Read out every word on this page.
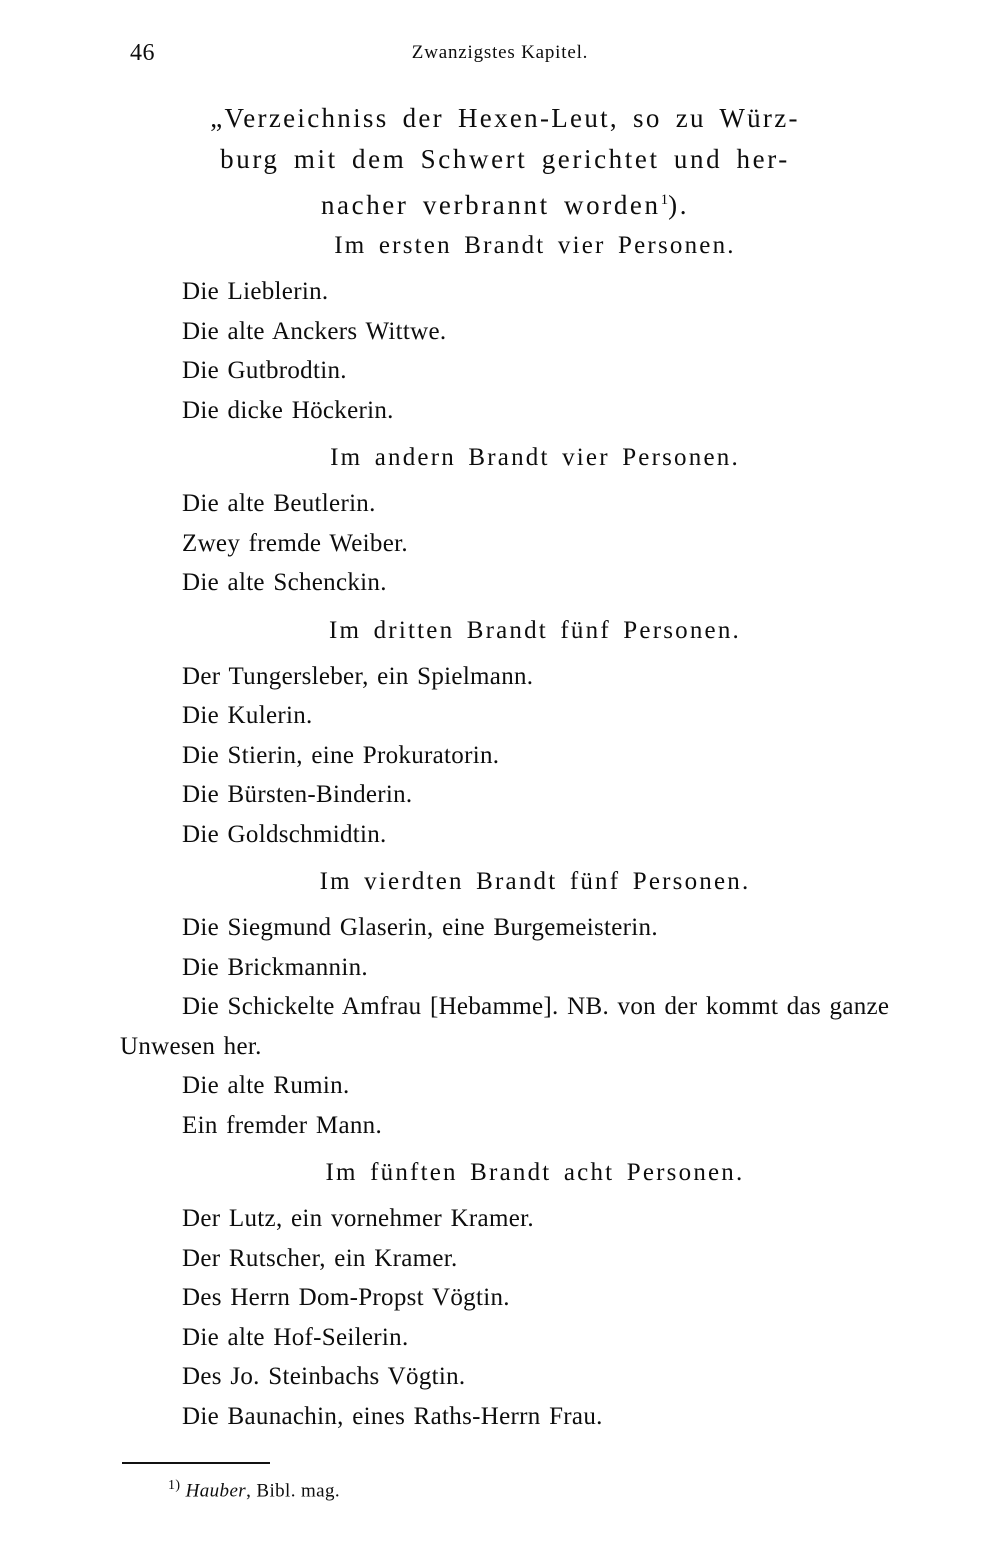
46	Zwanzigstes Kapitel.
„Verzeichniss der Hexen-Leut, so zu Würz-
burg mit dem Schwert gerichtet und her-
nacher verbrannt worden$^1$).
Im ersten Brandt vier Personen.

Die Lieblerin.

Die alte Anckers Wittwe.

Die Gutbrodtin.

Die dicke Höckerin.

Im andern Brandt vier Personen.

Die alte Beutlerin.

Zwey fremde Weiber.

Die alte Schenckin.

Im dritten Brandt fünf Personen.

Der Tungersleber, ein Spielmann.

Die Kulerin.

Die Stierin, eine Prokuratorin.

Die Bürsten-Binderin.

Die Goldschmidtin.

Im vierdten Brandt fünf Personen.

Die Siegmund Glaserin, eine Burgemeisterin.

Die Brickmannin.

Die Schickelte Amfrau [Hebamme]. NB. von der kommt das ganze Unwesen her.

Die alte Rumin.

Ein fremder Mann.

Im fünften Brandt acht Personen.

Der Lutz, ein vornehmer Kramer.

Der Rutscher, ein Kramer.

Des Herrn Dom-Propst Vögtin.

Die alte Hof-Seilerin.

Des Jo. Steinbachs Vögtin.

Die Baunachin, eines Raths-Herrn Frau.

$^{1)}$ Hauber, Bibl. mag.
